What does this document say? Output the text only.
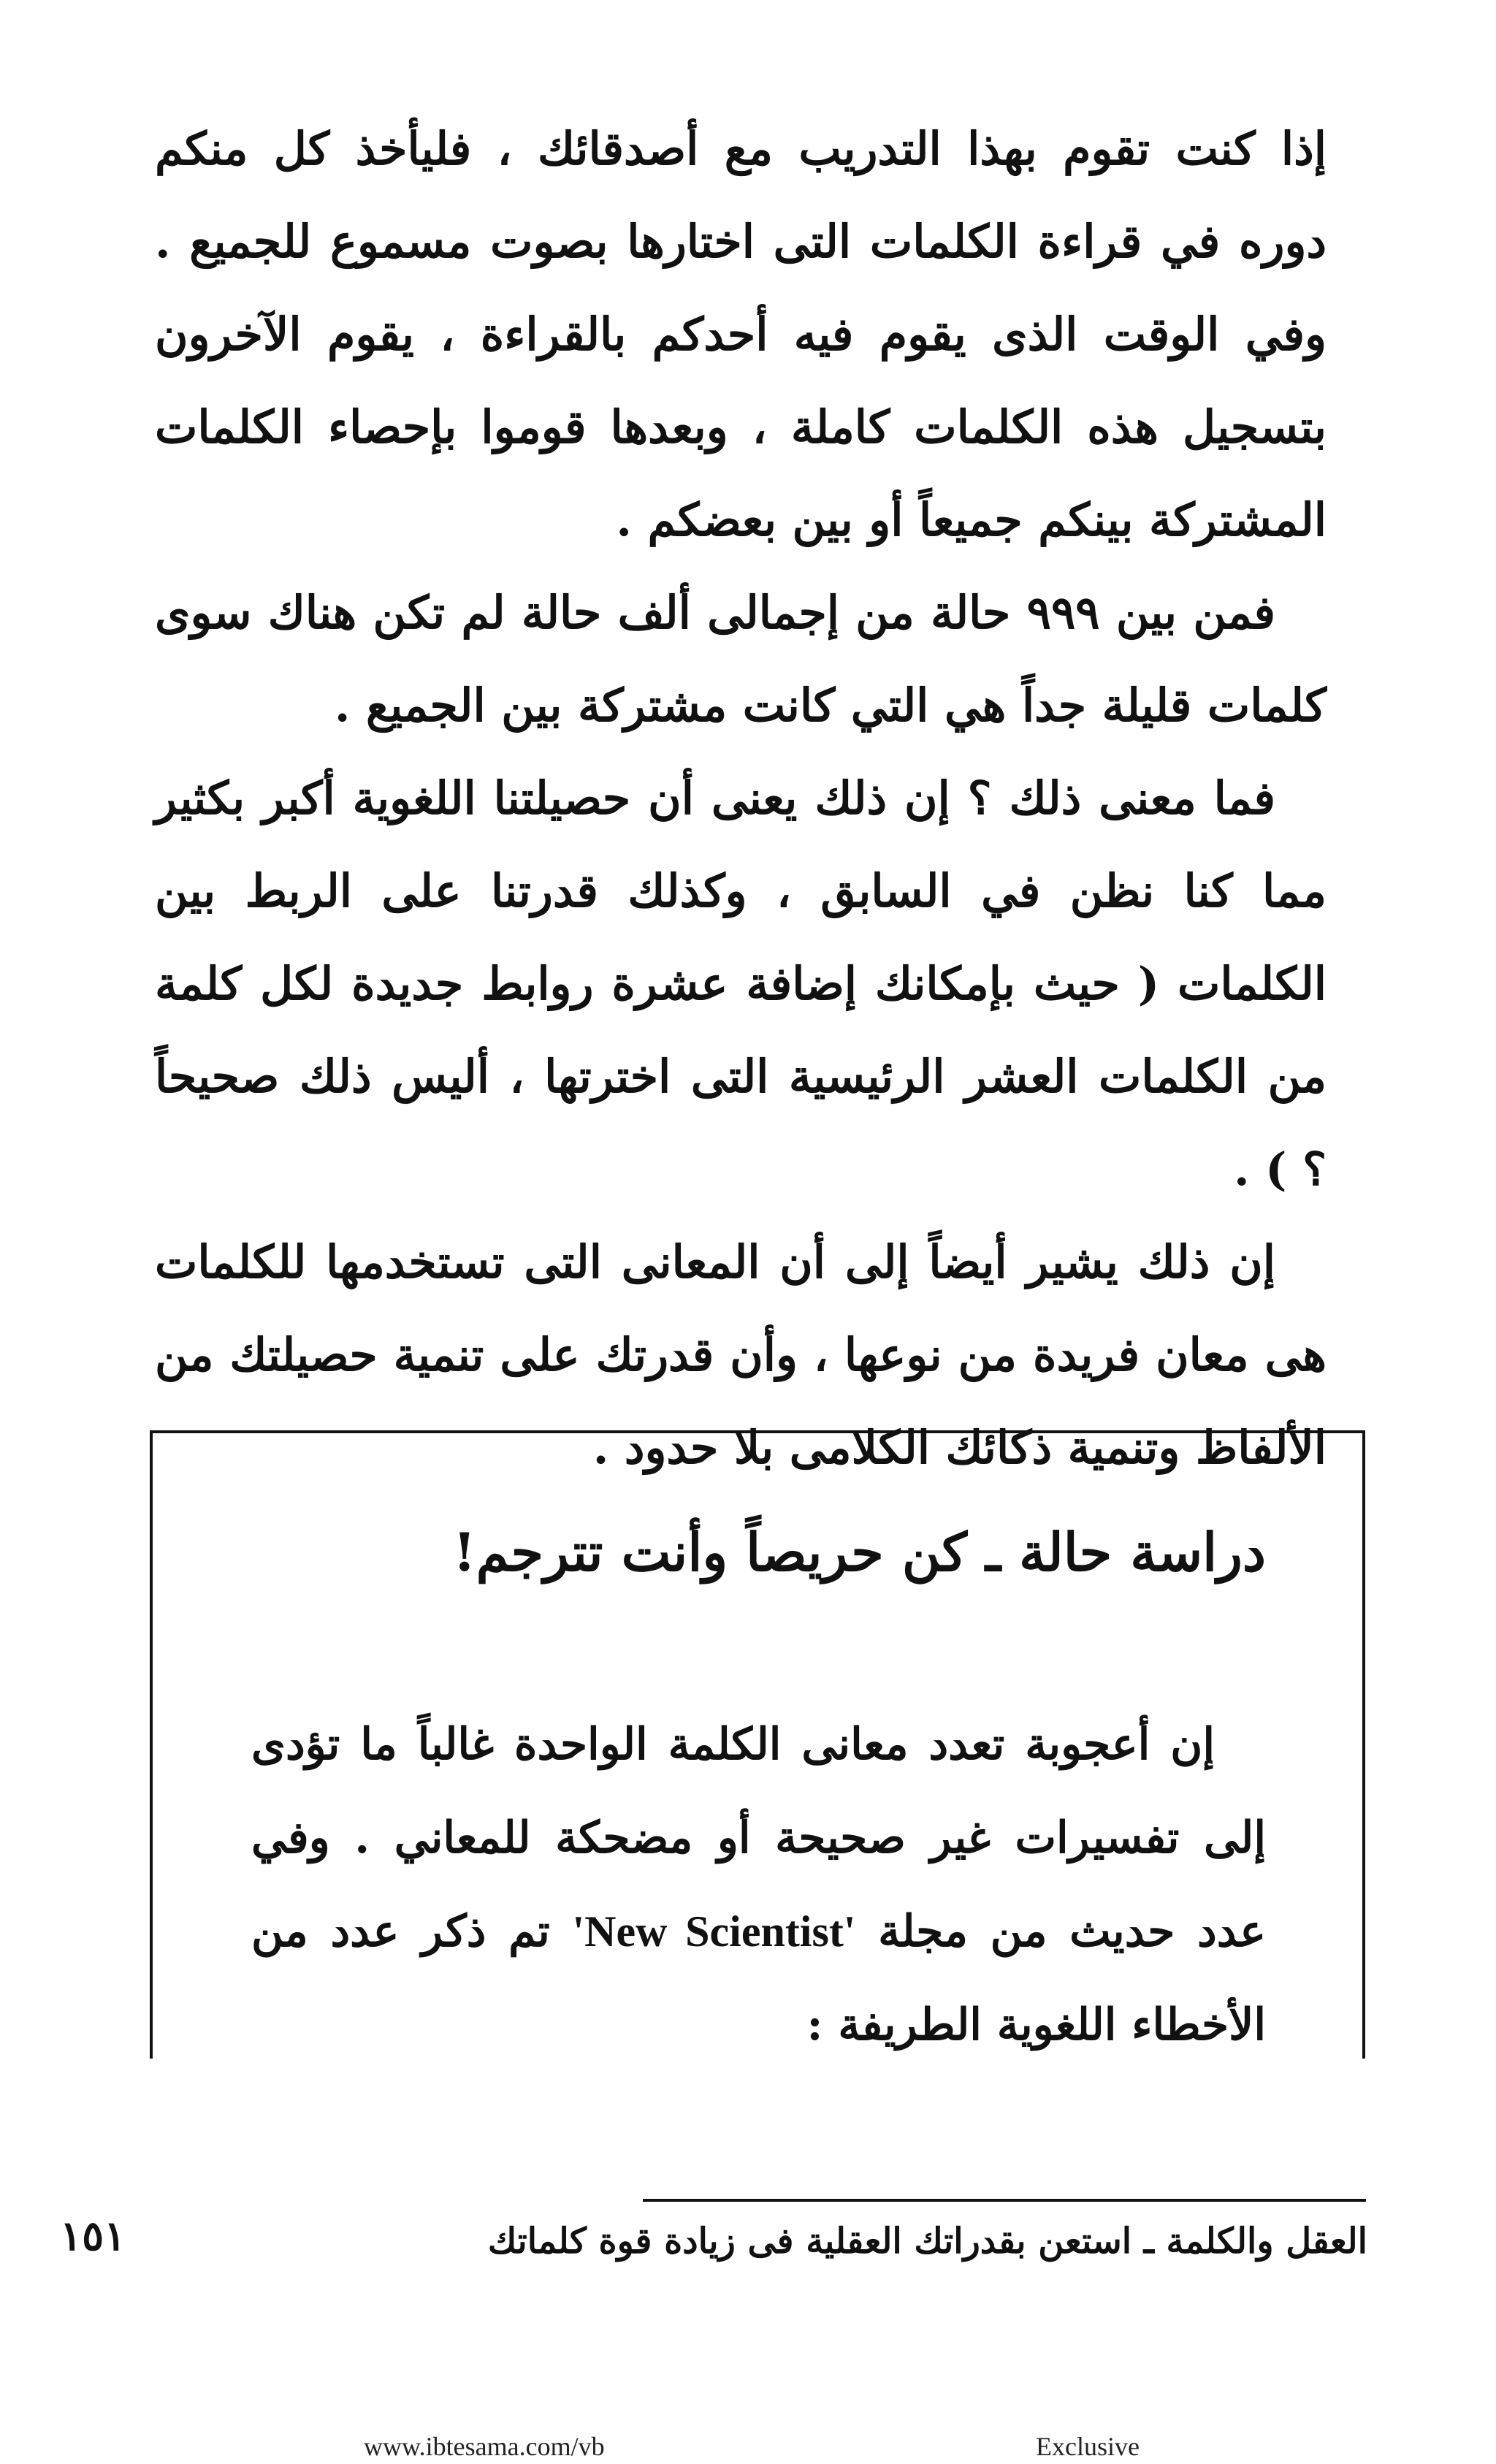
إذا كنت تقوم بهذا التدريب مع أصدقائك ، فليأخذ كل منكم دوره في قراءة الكلمات التى اختارها بصوت مسموع للجميع . وفي الوقت الذى يقوم فيه أحدكم بالقراءة ، يقوم الآخرون بتسجيل هذه الكلمات كاملة ، وبعدها قوموا بإحصاء الكلمات المشتركة بينكم جميعاً أو بين بعضكم .

فمن بين ٩٩٩ حالة من إجمالى ألف حالة لم تكن هناك سوى كلمات قليلة جداً هي التي كانت مشتركة بين الجميع .

فما معنى ذلك ؟ إن ذلك يعنى أن حصيلتنا اللغوية أكبر بكثير مما كنا نظن في السابق ، وكذلك قدرتنا على الربط بين الكلمات ( حيث بإمكانك إضافة عشرة روابط جديدة لكل كلمة من الكلمات العشر الرئيسية التى اخترتها ، أليس ذلك صحيحاً ؟ ) .

إن ذلك يشير أيضاً إلى أن المعانى التى تستخدمها للكلمات هى معان فريدة من نوعها ، وأن قدرتك على تنمية حصيلتك من الألفاظ وتنمية ذكائك الكلامى بلا حدود .

دراسة حالة ـ كن حريصاً وأنت تترجم!

إن أعجوبة تعدد معانى الكلمة الواحدة غالباً ما تؤدى إلى تفسيرات غير صحيحة أو مضحكة للمعاني . وفي عدد حديث من مجلة 'New Scientist' تم ذكر عدد من الأخطاء اللغوية الطريفة :

العقل والكلمة ـ استعن بقدراتك العقلية فى زيادة قوة كلماتك
١٥١
www.ibtesama.com/vb	Exclusive
